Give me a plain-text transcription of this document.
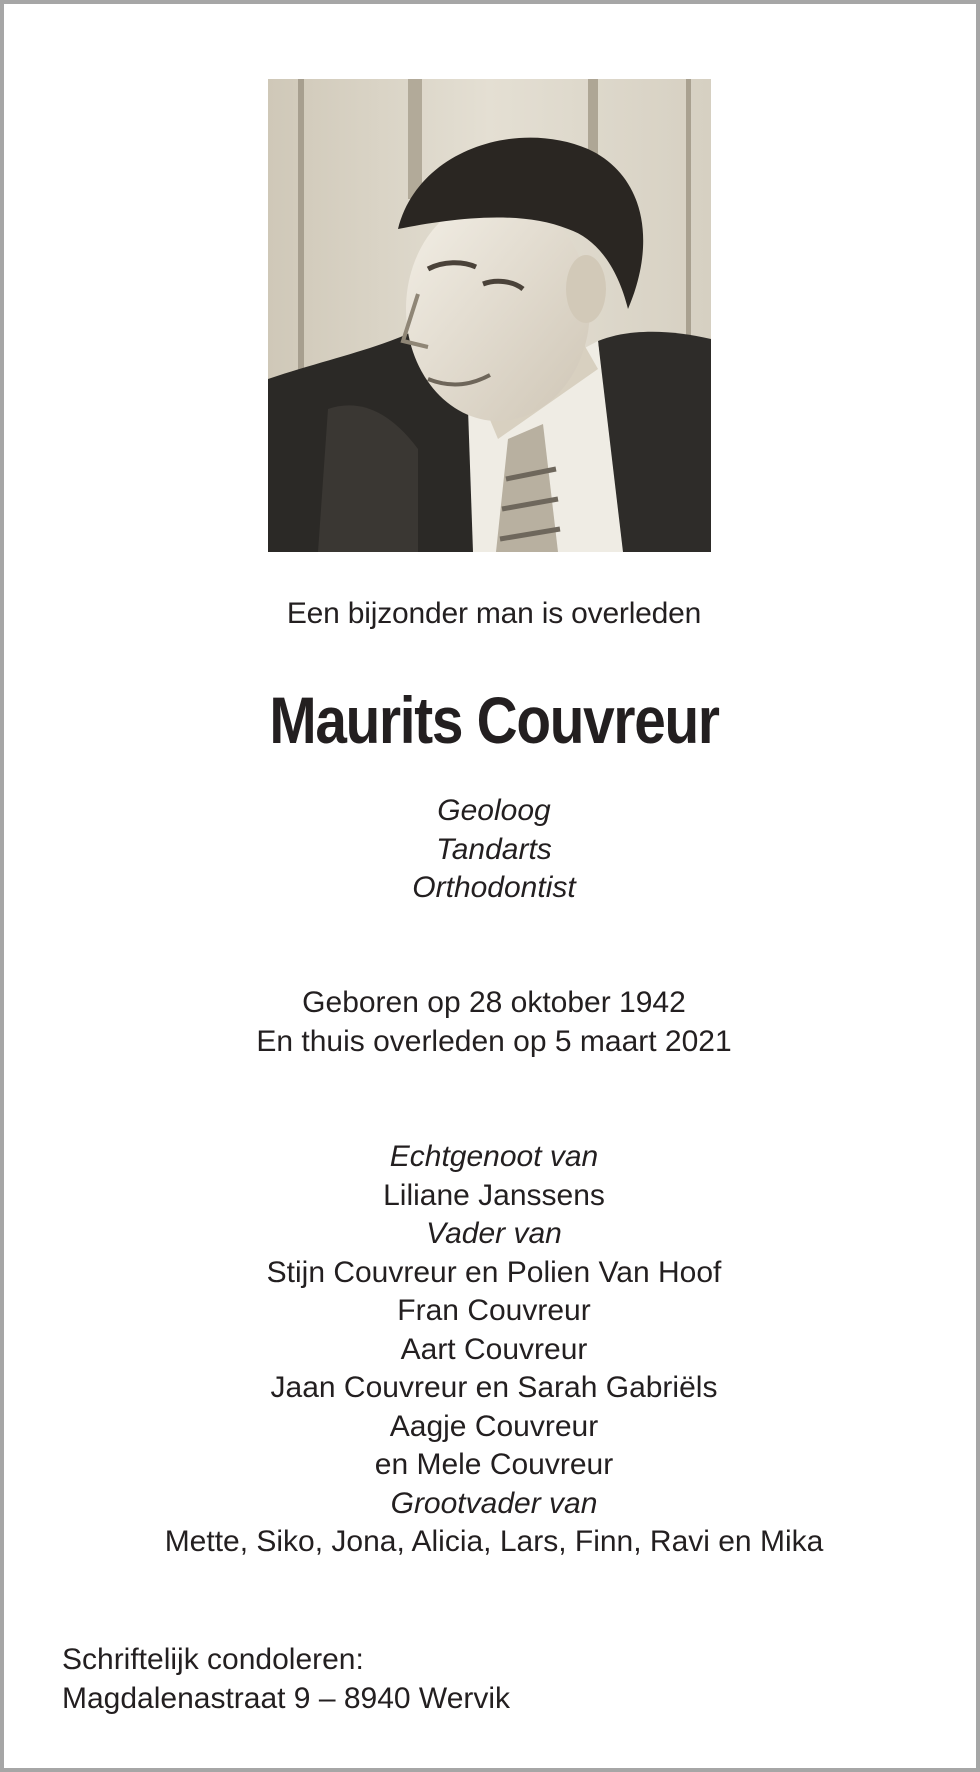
Een bijzonder man is overleden
Maurits Couvreur
Geoloog
Tandarts
Orthodontist
Geboren op 28 oktober 1942
En thuis overleden op 5 maart 2021
Echtgenoot van
Liliane Janssens
Vader van
Stijn Couvreur en Polien Van Hoof
Fran Couvreur
Aart Couvreur
Jaan Couvreur en Sarah Gabriëls
Aagje Couvreur
en Mele Couvreur
Grootvader van
Mette, Siko, Jona, Alicia, Lars, Finn, Ravi en Mika
Schriftelijk condoleren:
Magdalenastraat 9 – 8940 Wervik
